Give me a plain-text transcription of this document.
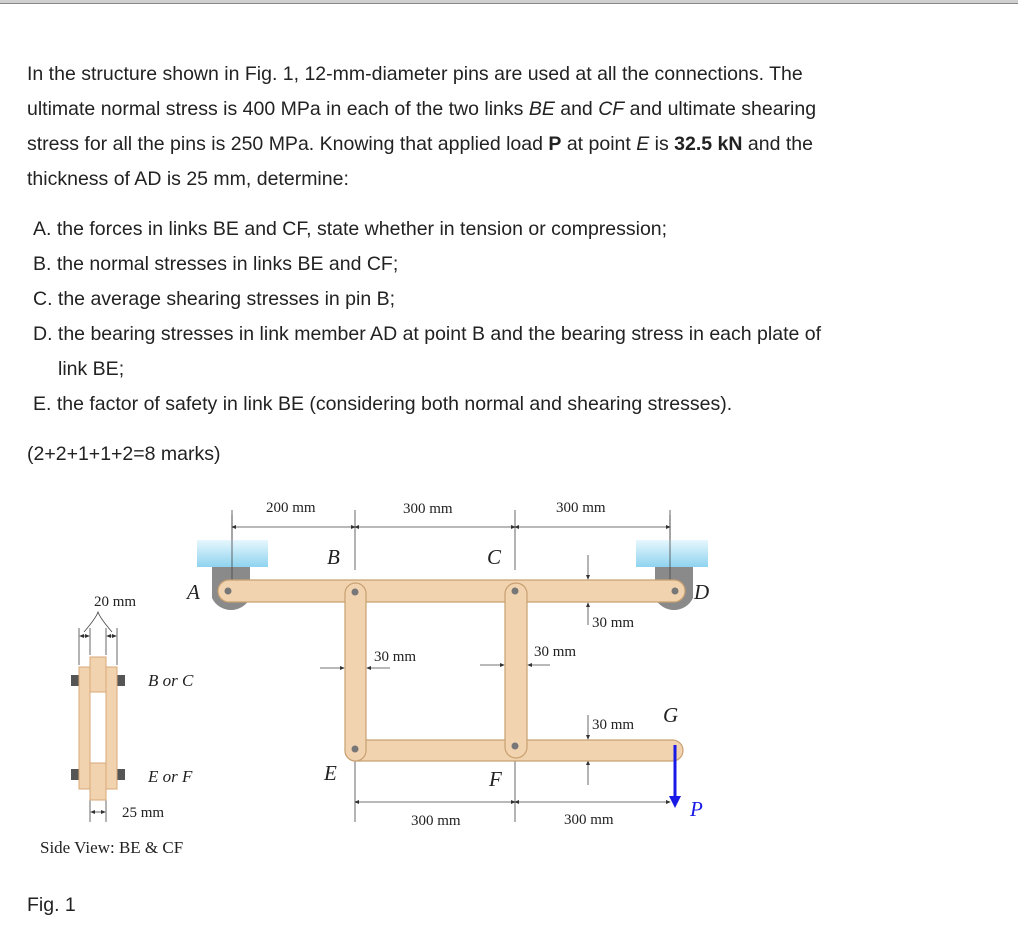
In the structure shown in Fig. 1, 12-mm-diameter pins are used at all the connections. The
ultimate normal stress is 400 MPa in each of the two links BE and CF and ultimate shearing
stress for all the pins is 250 MPa. Knowing that applied load P at point E is 32.5 kN and the
thickness of AD is 25 mm, determine:
A. the forces in links BE and CF, state whether in tension or compression;
B. the normal stresses in links BE and CF;
C. the average shearing stresses in pin B;
D. the bearing stresses in link member AD at point B and the bearing stress in each plate of
link BE;
E. the factor of safety in link BE (considering both normal and shearing stresses).
(2+2+1+1+2=8 marks)
200 mm	300 mm	300 mm
300 mm	300 mm
30 mm	30 mm
30 mm
30 mm
A
B	C
D
E	F
G
P
20 mm
25 mm
B or C
E or F
Side View: BE & CF
Fig. 1
